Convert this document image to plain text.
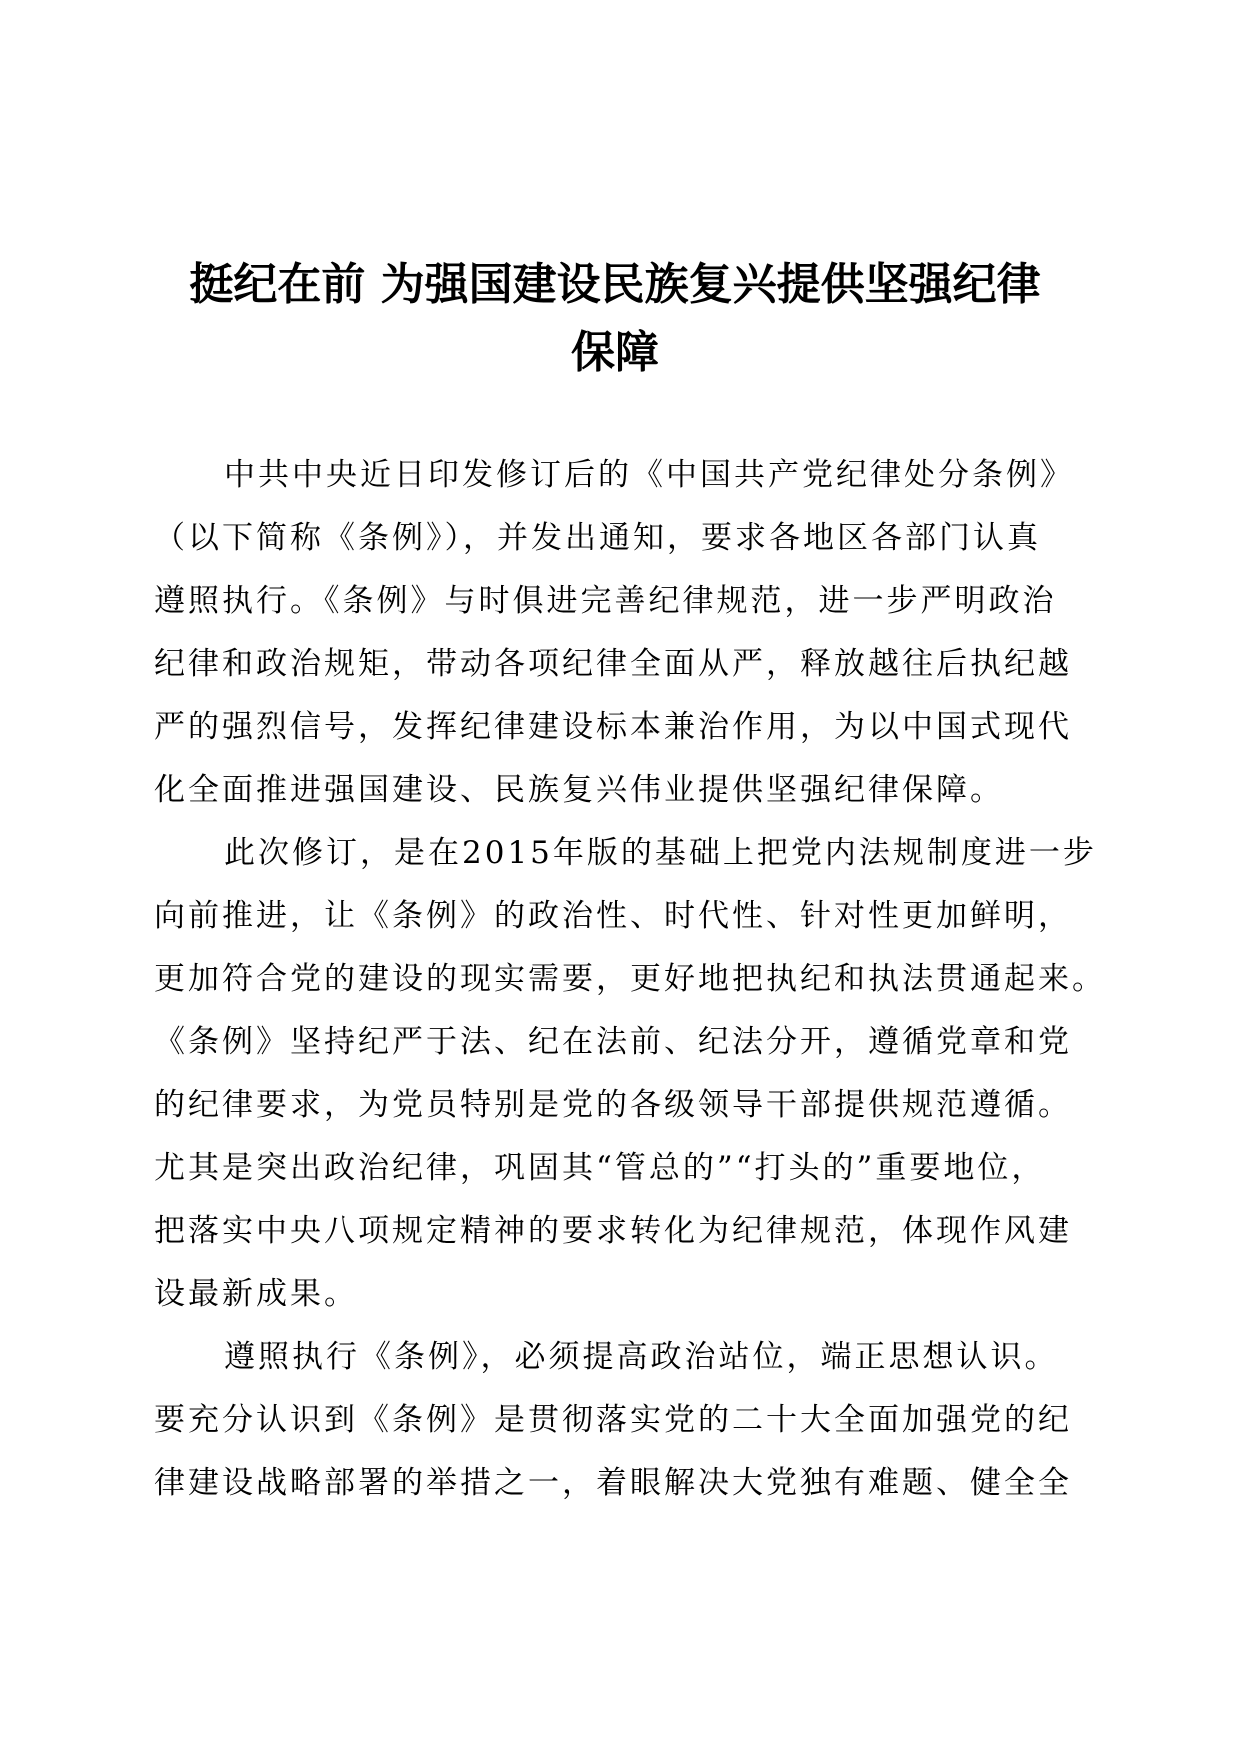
挺纪在前 为强国建设民族复兴提供坚强纪律
保障

中共中央近日印发修订后的《中国共产党纪律处分条例》

（以下简称《条例》），并发出通知，要求各地区各部门认真

遵照执行。《条例》与时俱进完善纪律规范，进一步严明政治

纪律和政治规矩，带动各项纪律全面从严，释放越往后执纪越

严的强烈信号，发挥纪律建设标本兼治作用，为以中国式现代

化全面推进强国建设、民族复兴伟业提供坚强纪律保障。

此次修订，是在2015年版的基础上把党内法规制度进一步

向前推进，让《条例》的政治性、时代性、针对性更加鲜明，

更加符合党的建设的现实需要，更好地把执纪和执法贯通起来。

《条例》坚持纪严于法、纪在法前、纪法分开，遵循党章和党

的纪律要求，为党员特别是党的各级领导干部提供规范遵循。

尤其是突出政治纪律，巩固其“管总的”“打头的”重要地位，

把落实中央八项规定精神的要求转化为纪律规范，体现作风建

设最新成果。

遵照执行《条例》，必须提高政治站位，端正思想认识。

要充分认识到《条例》是贯彻落实党的二十大全面加强党的纪

律建设战略部署的举措之一，着眼解决大党独有难题、健全全
